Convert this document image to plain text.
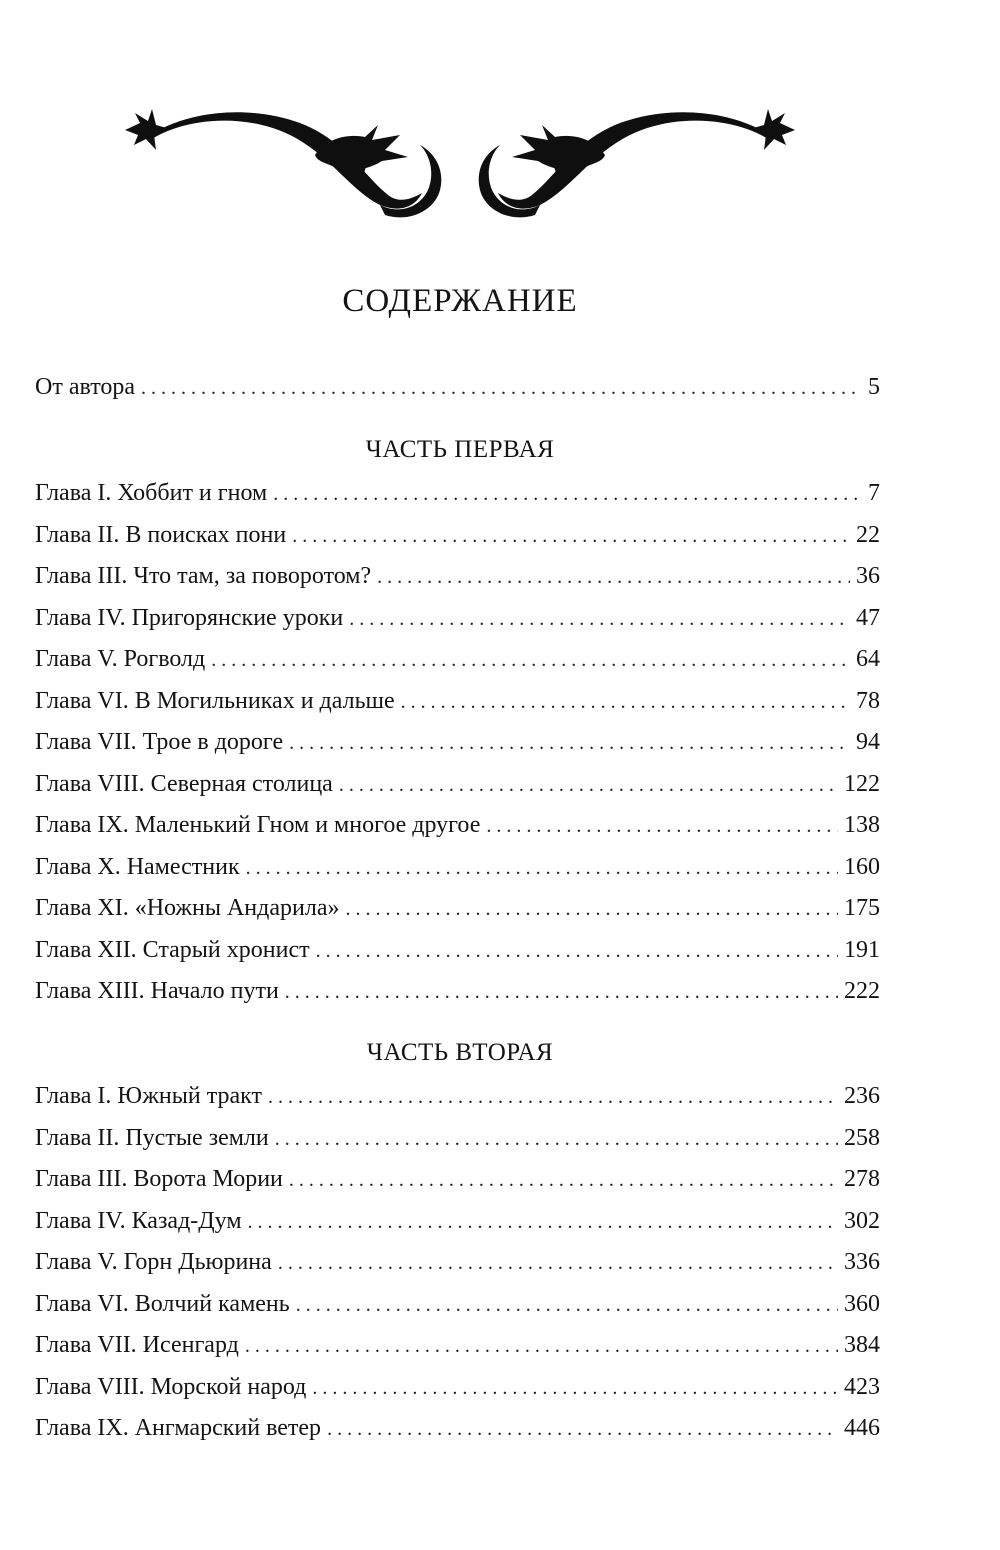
СОДЕРЖАНИЕ
От автора . . .	5
ЧАСТЬ ПЕРВАЯ
Глава I. Хоббит и гном . . .	7
Глава II. В поисках пони . . .	22
Глава III. Что там, за поворотом? . . .	36
Глава IV. Пригорянские уроки . . .	47
Глава V. Рогволд . . .	64
Глава VI. В Могильниках и дальше . . .	78
Глава VII. Трое в дороге . . .	94
Глава VIII. Северная столица . . .	122
Глава IX. Маленький Гном и многое другое . . .	138
Глава X. Наместник . . .	160
Глава XI. «Ножны Андарила» . . .	175
Глава XII. Старый хронист . . .	191
Глава XIII. Начало пути . . .	222
ЧАСТЬ ВТОРАЯ
Глава I. Южный тракт . . .	236
Глава II. Пустые земли . . .	258
Глава III. Ворота Мории . . .	278
Глава IV. Казад-Дум . . .	302
Глава V. Горн Дьюрина . . .	336
Глава VI. Волчий камень . . .	360
Глава VII. Исенгард . . .	384
Глава VIII. Морской народ . . .	423
Глава IX. Ангмарский ветер . . .	446
